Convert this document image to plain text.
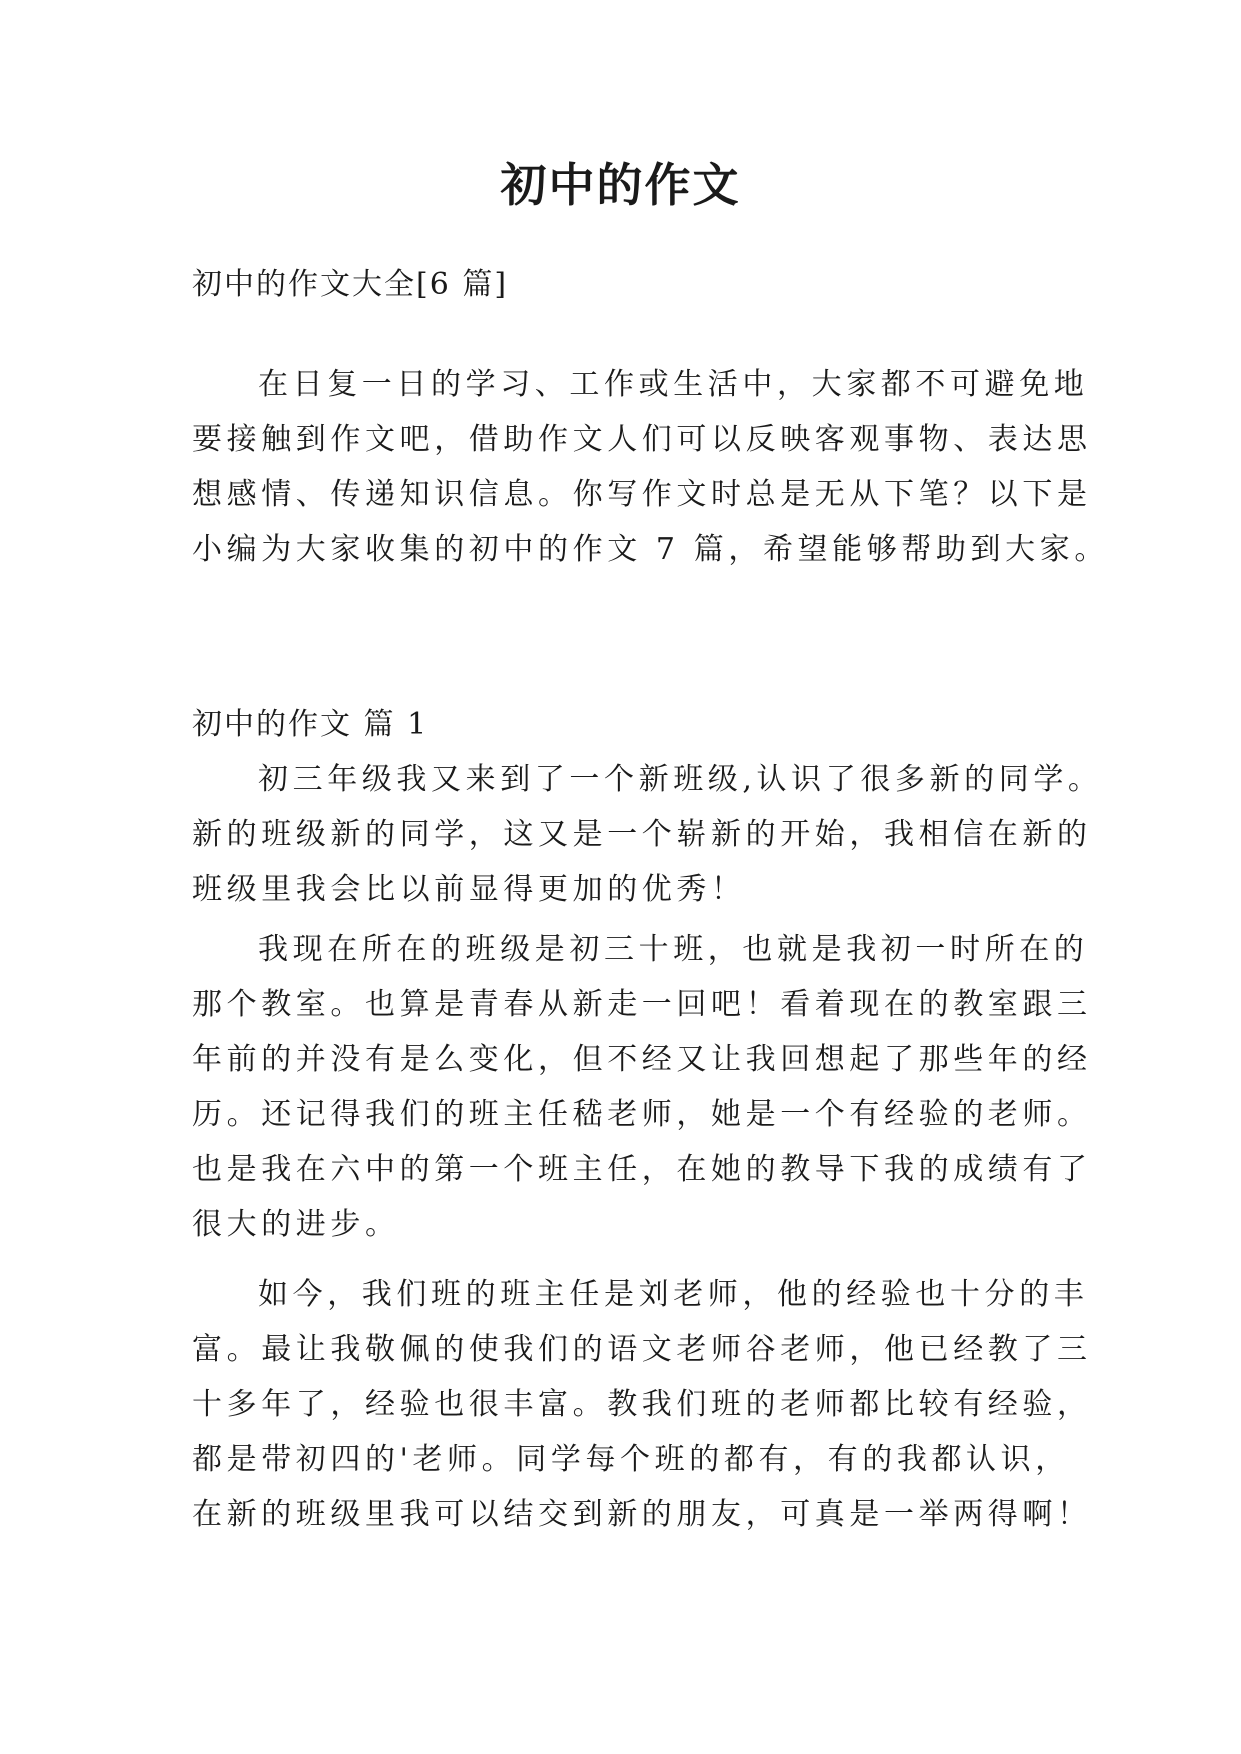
初中的作文

初中的作文大全[6 篇]

在日复一日的学习、工作或生活中，大家都不可避免地

要接触到作文吧，借助作文人们可以反映客观事物、表达思

想感情、传递知识信息。你写作文时总是无从下笔？以下是

小编为大家收集的初中的作文 7 篇，希望能够帮助到大家。

初中的作文 篇 1

初三年级我又来到了一个新班级,认识了很多新的同学。

新的班级新的同学，这又是一个崭新的开始，我相信在新的

班级里我会比以前显得更加的优秀！

我现在所在的班级是初三十班，也就是我初一时所在的

那个教室。也算是青春从新走一回吧！看着现在的教室跟三

年前的并没有是么变化，但不经又让我回想起了那些年的经

历。还记得我们的班主任嵇老师，她是一个有经验的老师。

也是我在六中的第一个班主任，在她的教导下我的成绩有了

很大的进步。

如今，我们班的班主任是刘老师，他的经验也十分的丰

富。最让我敬佩的使我们的语文老师谷老师，他已经教了三

十多年了，经验也很丰富。教我们班的老师都比较有经验，

都是带初四的'老师。同学每个班的都有，有的我都认识，

在新的班级里我可以结交到新的朋友，可真是一举两得啊！
